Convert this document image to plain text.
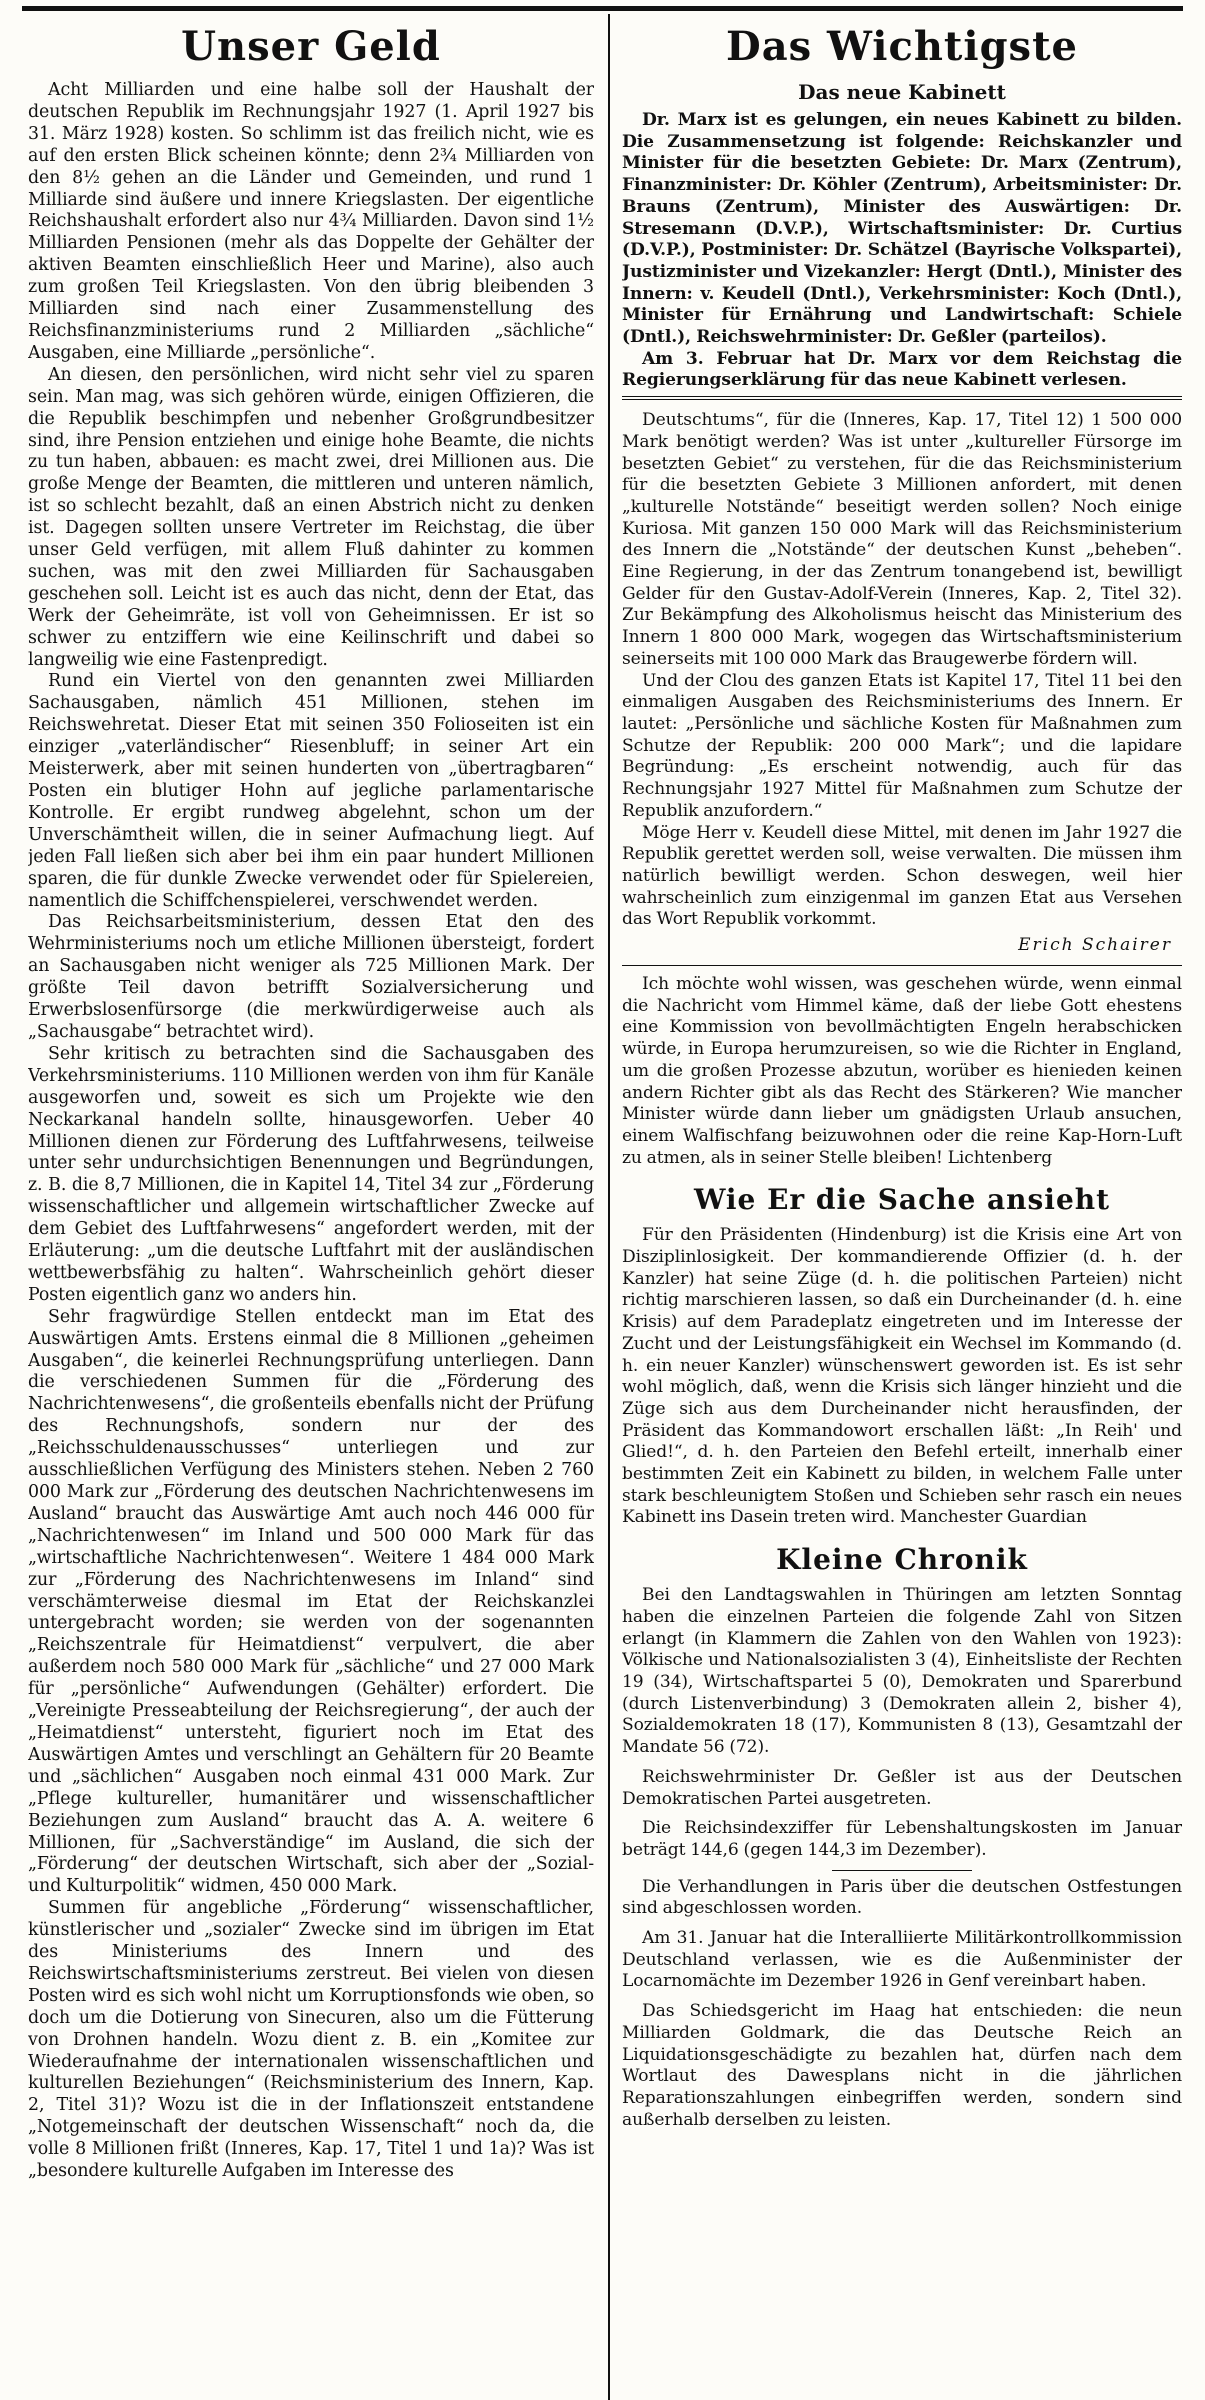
Unser Geld

Acht Milliarden und eine halbe soll der Haushalt der deutschen Republik im Rechnungsjahr 1927 (1. April 1927 bis 31. März 1928) kosten. So schlimm ist das freilich nicht, wie es auf den ersten Blick scheinen könnte; denn 2¾ Milliarden von den 8½ gehen an die Länder und Gemeinden, und rund 1 Milliarde sind äußere und innere Kriegslasten. Der eigentliche Reichshaushalt erfordert also nur 4¾ Milliarden. Davon sind 1½ Milliarden Pensionen (mehr als das Doppelte der Gehälter der aktiven Beamten einschließlich Heer und Marine), also auch zum großen Teil Kriegslasten. Von den übrig bleibenden 3 Milliarden sind nach einer Zusammenstellung des Reichsfinanzministeriums rund 2 Milliarden „sächliche“ Ausgaben, eine Milliarde „persönliche“.

An diesen, den persönlichen, wird nicht sehr viel zu sparen sein. Man mag, was sich gehören würde, einigen Offizieren, die die Republik beschimpfen und nebenher Großgrundbesitzer sind, ihre Pension entziehen und einige hohe Beamte, die nichts zu tun haben, abbauen: es macht zwei, drei Millionen aus. Die große Menge der Beamten, die mittleren und unteren nämlich, ist so schlecht bezahlt, daß an einen Abstrich nicht zu denken ist. Dagegen sollten unsere Vertreter im Reichstag, die über unser Geld verfügen, mit allem Fluß dahinter zu kommen suchen, was mit den zwei Milliarden für Sachausgaben geschehen soll. Leicht ist es auch das nicht, denn der Etat, das Werk der Geheimräte, ist voll von Geheimnissen. Er ist so schwer zu entziffern wie eine Keilinschrift und dabei so langweilig wie eine Fastenpredigt.

Rund ein Viertel von den genannten zwei Milliarden Sachausgaben, nämlich 451 Millionen, stehen im Reichswehretat. Dieser Etat mit seinen 350 Folioseiten ist ein einziger „vaterländischer“ Riesenbluff; in seiner Art ein Meisterwerk, aber mit seinen hunderten von „übertragbaren“ Posten ein blutiger Hohn auf jegliche parlamentarische Kontrolle. Er ergibt rundweg abgelehnt, schon um der Unverschämtheit willen, die in seiner Aufmachung liegt. Auf jeden Fall ließen sich aber bei ihm ein paar hundert Millionen sparen, die für dunkle Zwecke verwendet oder für Spielereien, namentlich die Schiffchenspielerei, verschwendet werden.

Das Reichsarbeitsministerium, dessen Etat den des Wehrministeriums noch um etliche Millionen übersteigt, fordert an Sachausgaben nicht weniger als 725 Millionen Mark. Der größte Teil davon betrifft Sozialversicherung und Erwerbslosenfürsorge (die merkwürdigerweise auch als „Sachausgabe“ betrachtet wird).

Sehr kritisch zu betrachten sind die Sachausgaben des Verkehrsministeriums. 110 Millionen werden von ihm für Kanäle ausgeworfen und, soweit es sich um Projekte wie den Neckarkanal handeln sollte, hinausgeworfen. Ueber 40 Millionen dienen zur Förderung des Luftfahrwesens, teilweise unter sehr undurchsichtigen Benennungen und Begründungen, z. B. die 8,7 Millionen, die in Kapitel 14, Titel 34 zur „Förderung wissenschaftlicher und allgemein wirtschaftlicher Zwecke auf dem Gebiet des Luftfahrwesens“ angefordert werden, mit der Erläuterung: „um die deutsche Luftfahrt mit der ausländischen wettbewerbsfähig zu halten“. Wahrscheinlich gehört dieser Posten eigentlich ganz wo anders hin.

Sehr fragwürdige Stellen entdeckt man im Etat des Auswärtigen Amts. Erstens einmal die 8 Millionen „geheimen Ausgaben“, die keinerlei Rechnungsprüfung unterliegen. Dann die verschiedenen Summen für die „Förderung des Nachrichtenwesens“, die großenteils ebenfalls nicht der Prüfung des Rechnungshofs, sondern nur der des „Reichsschuldenausschusses“ unterliegen und zur ausschließlichen Verfügung des Ministers stehen. Neben 2 760 000 Mark zur „Förderung des deutschen Nachrichtenwesens im Ausland“ braucht das Auswärtige Amt auch noch 446 000 für „Nachrichtenwesen“ im Inland und 500 000 Mark für das „wirtschaftliche Nachrichtenwesen“. Weitere 1 484 000 Mark zur „Förderung des Nachrichtenwesens im Inland“ sind verschämterweise diesmal im Etat der Reichskanzlei untergebracht worden; sie werden von der sogenannten „Reichszentrale für Heimatdienst“ verpulvert, die aber außerdem noch 580 000 Mark für „sächliche“ und 27 000 Mark für „persönliche“ Aufwendungen (Gehälter) erfordert. Die „Vereinigte Presseabteilung der Reichsregierung“, der auch der „Heimatdienst“ untersteht, figuriert noch im Etat des Auswärtigen Amtes und verschlingt an Gehältern für 20 Beamte und „sächlichen“ Ausgaben noch einmal 431 000 Mark. Zur „Pflege kultureller, humanitärer und wissenschaftlicher Beziehungen zum Ausland“ braucht das A. A. weitere 6 Millionen, für „Sachverständige“ im Ausland, die sich der „Förderung“ der deutschen Wirtschaft, sich aber der „Sozial- und Kulturpolitik“ widmen, 450 000 Mark.

Summen für angebliche „Förderung“ wissenschaftlicher, künstlerischer und „sozialer“ Zwecke sind im übrigen im Etat des Ministeriums des Innern und des Reichswirtschaftsministeriums zerstreut. Bei vielen von diesen Posten wird es sich wohl nicht um Korruptionsfonds wie oben, so doch um die Dotierung von Sinecuren, also um die Fütterung von Drohnen handeln. Wozu dient z. B. ein „Komitee zur Wiederaufnahme der internationalen wissenschaftlichen und kulturellen Beziehungen“ (Reichsministerium des Innern, Kap. 2, Titel 31)? Wozu ist die in der Inflationszeit entstandene „Notgemeinschaft der deutschen Wissenschaft“ noch da, die volle 8 Millionen frißt (Inneres, Kap. 17, Titel 1 und 1a)? Was ist „besondere kulturelle Aufgaben im Interesse des

Das Wichtigste
Das neue Kabinett

Dr. Marx ist es gelungen, ein neues Kabinett zu bilden. Die Zusammensetzung ist folgende: Reichskanzler und Minister für die besetzten Gebiete: Dr. Marx (Zentrum), Finanzminister: Dr. Köhler (Zentrum), Arbeitsminister: Dr. Brauns (Zentrum), Minister des Auswärtigen: Dr. Stresemann (D.V.P.), Wirtschaftsminister: Dr. Curtius (D.V.P.), Postminister: Dr. Schätzel (Bayrische Volkspartei), Justizminister und Vizekanzler: Hergt (Dntl.), Minister des Innern: v. Keudell (Dntl.), Verkehrsminister: Koch (Dntl.), Minister für Ernährung und Landwirtschaft: Schiele (Dntl.), Reichswehrminister: Dr. Geßler (parteilos).

Am 3. Februar hat Dr. Marx vor dem Reichstag die Regierungserklärung für das neue Kabinett verlesen.

Deutschtums“, für die (Inneres, Kap. 17, Titel 12) 1 500 000 Mark benötigt werden? Was ist unter „kultureller Fürsorge im besetzten Gebiet“ zu verstehen, für die das Reichsministerium für die besetzten Gebiete 3 Millionen anfordert, mit denen „kulturelle Notstände“ beseitigt werden sollen? Noch einige Kuriosa. Mit ganzen 150 000 Mark will das Reichsministerium des Innern die „Notstände“ der deutschen Kunst „beheben“. Eine Regierung, in der das Zentrum tonangebend ist, bewilligt Gelder für den Gustav-Adolf-Verein (Inneres, Kap. 2, Titel 32). Zur Bekämpfung des Alkoholismus heischt das Ministerium des Innern 1 800 000 Mark, wogegen das Wirtschaftsministerium seinerseits mit 100 000 Mark das Braugewerbe fördern will.

Und der Clou des ganzen Etats ist Kapitel 17, Titel 11 bei den einmaligen Ausgaben des Reichsministeriums des Innern. Er lautet: „Persönliche und sächliche Kosten für Maßnahmen zum Schutze der Republik: 200 000 Mark“; und die lapidare Begründung: „Es erscheint notwendig, auch für das Rechnungsjahr 1927 Mittel für Maßnahmen zum Schutze der Republik anzufordern.“

Möge Herr v. Keudell diese Mittel, mit denen im Jahr 1927 die Republik gerettet werden soll, weise verwalten. Die müssen ihm natürlich bewilligt werden. Schon deswegen, weil hier wahrscheinlich zum einzigenmal im ganzen Etat aus Versehen das Wort Republik vorkommt.

Erich Schairer

Ich möchte wohl wissen, was geschehen würde, wenn einmal die Nachricht vom Himmel käme, daß der liebe Gott ehestens eine Kommission von bevollmächtigten Engeln herabschicken würde, in Europa herumzureisen, so wie die Richter in England, um die großen Prozesse abzutun, worüber es hienieden keinen andern Richter gibt als das Recht des Stärkeren? Wie mancher Minister würde dann lieber um gnädigsten Urlaub ansuchen, einem Walfischfang beizuwohnen oder die reine Kap-Horn-Luft zu atmen, als in seiner Stelle bleiben! Lichtenberg

Wie Er die Sache ansieht

Für den Präsidenten (Hindenburg) ist die Krisis eine Art von Disziplinlosigkeit. Der kommandierende Offizier (d. h. der Kanzler) hat seine Züge (d. h. die politischen Parteien) nicht richtig marschieren lassen, so daß ein Durcheinander (d. h. eine Krisis) auf dem Paradeplatz eingetreten und im Interesse der Zucht und der Leistungsfähigkeit ein Wechsel im Kommando (d. h. ein neuer Kanzler) wünschenswert geworden ist. Es ist sehr wohl möglich, daß, wenn die Krisis sich länger hinzieht und die Züge sich aus dem Durcheinander nicht herausfinden, der Präsident das Kommandowort erschallen läßt: „In Reih' und Glied!“, d. h. den Parteien den Befehl erteilt, innerhalb einer bestimmten Zeit ein Kabinett zu bilden, in welchem Falle unter stark beschleunigtem Stoßen und Schieben sehr rasch ein neues Kabinett ins Dasein treten wird. Manchester Guardian

Kleine Chronik

Bei den Landtagswahlen in Thüringen am letzten Sonntag haben die einzelnen Parteien die folgende Zahl von Sitzen erlangt (in Klammern die Zahlen von den Wahlen von 1923): Völkische und Nationalsozialisten 3 (4), Einheitsliste der Rechten 19 (34), Wirtschaftspartei 5 (0), Demokraten und Sparerbund (durch Listenverbindung) 3 (Demokraten allein 2, bisher 4), Sozialdemokraten 18 (17), Kommunisten 8 (13), Gesamtzahl der Mandate 56 (72).

Reichswehrminister Dr. Geßler ist aus der Deutschen Demokratischen Partei ausgetreten.

Die Reichsindexziffer für Lebenshaltungskosten im Januar beträgt 144,6 (gegen 144,3 im Dezember).

Die Verhandlungen in Paris über die deutschen Ostfestungen sind abgeschlossen worden.

Am 31. Januar hat die Interalliierte Militärkontrollkommission Deutschland verlassen, wie es die Außenminister der Locarnomächte im Dezember 1926 in Genf vereinbart haben.

Das Schiedsgericht im Haag hat entschieden: die neun Milliarden Goldmark, die das Deutsche Reich an Liquidationsgeschädigte zu bezahlen hat, dürfen nach dem Wortlaut des Dawesplans nicht in die jährlichen Reparationszahlungen einbegriffen werden, sondern sind außerhalb derselben zu leisten.
